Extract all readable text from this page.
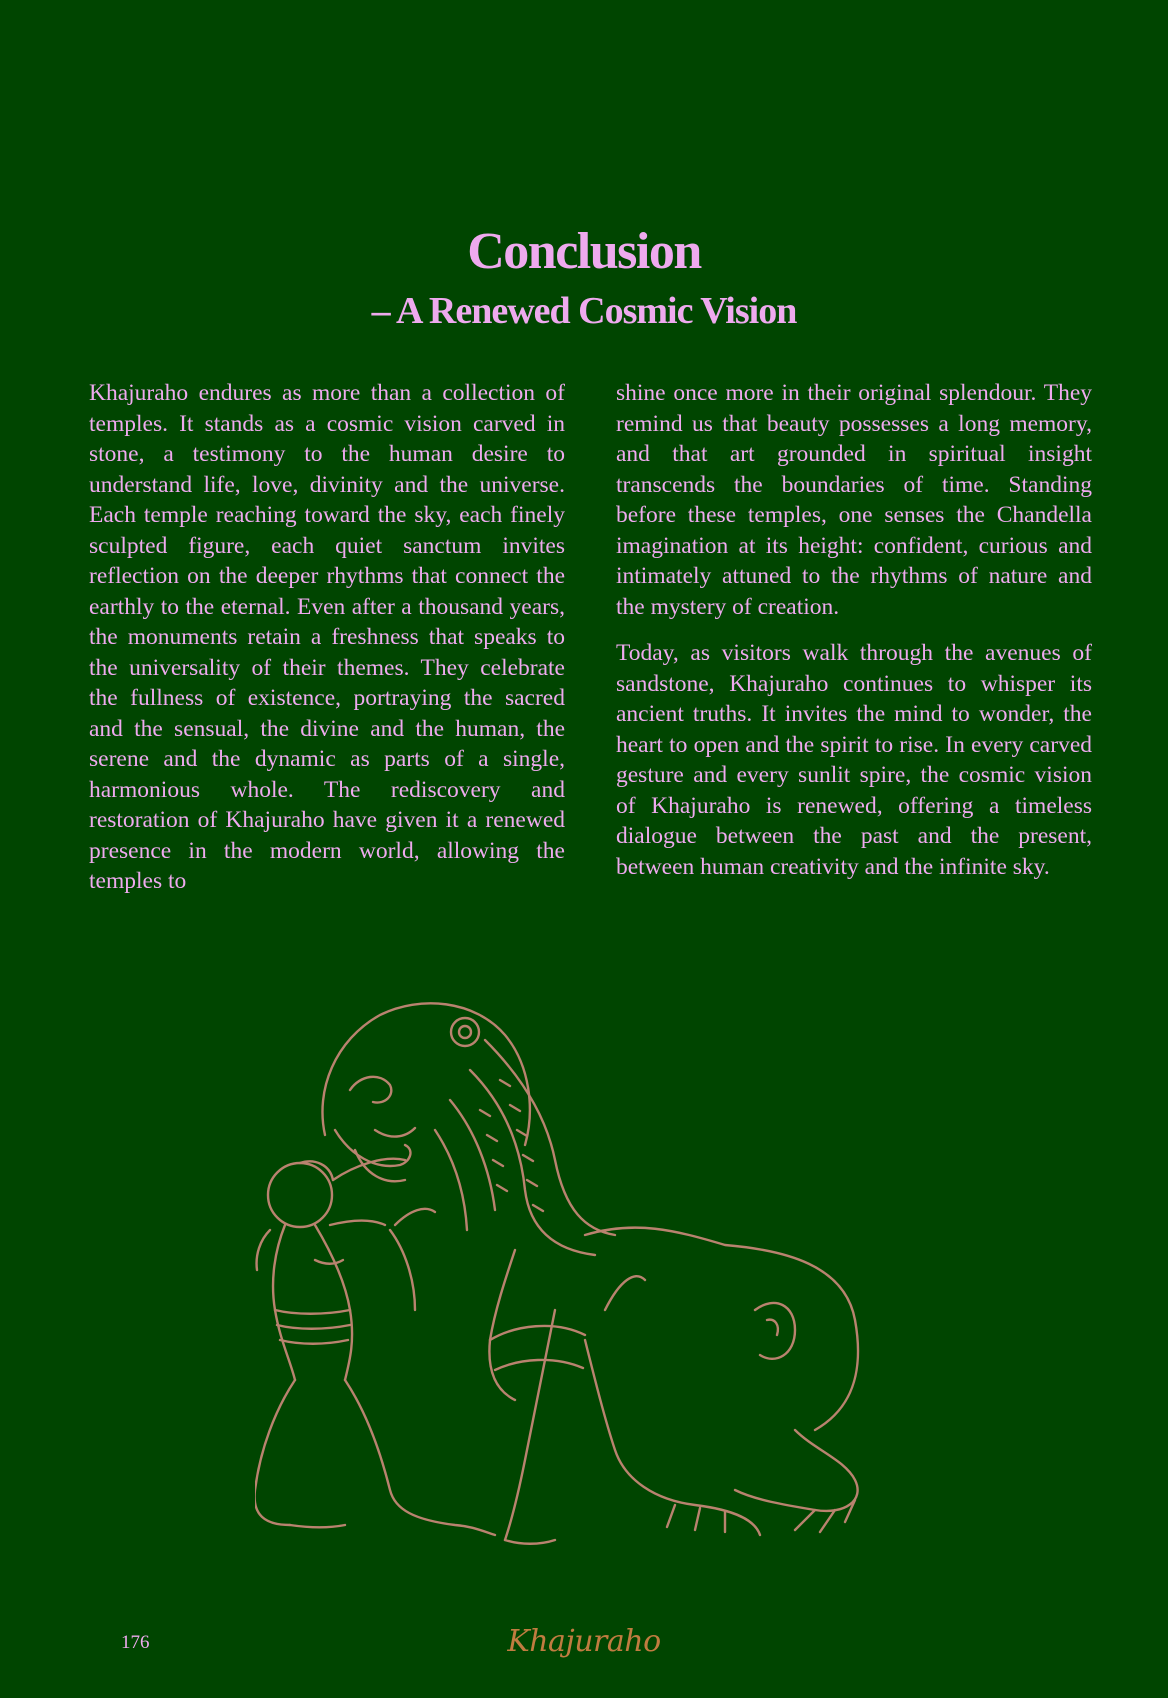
Conclusion
– A Renewed Cosmic Vision

Khajuraho endures as more than a collection of temples. It stands as a cosmic vision carved in stone, a testimony to the human desire to understand life, love, divinity and the universe. Each temple reaching toward the sky, each finely sculpted figure, each quiet sanctum invites reflection on the deeper rhythms that connect the earthly to the eternal. Even after a thousand years, the monuments retain a freshness that speaks to the universality of their themes. They celebrate the fullness of existence, portraying the sacred and the sensual, the divine and the human, the serene and the dynamic as parts of a single, harmonious whole. The rediscovery and restoration of Khajuraho have given it a renewed presence in the modern world, allowing the temples to

shine once more in their original splendour. They remind us that beauty possesses a long memory, and that art grounded in spiritual insight transcends the boundaries of time. Standing before these temples, one senses the Chandella imagination at its height: confident, curious and intimately attuned to the rhythms of nature and the mystery of creation.

Today, as visitors walk through the avenues of sandstone, Khajuraho continues to whisper its ancient truths. It invites the mind to wonder, the heart to open and the spirit to rise. In every carved gesture and every sunlit spire, the cosmic vision of Khajuraho is renewed, offering a timeless dialogue between the past and the present, between human creativity and the infinite sky.

176	Khajuraho
